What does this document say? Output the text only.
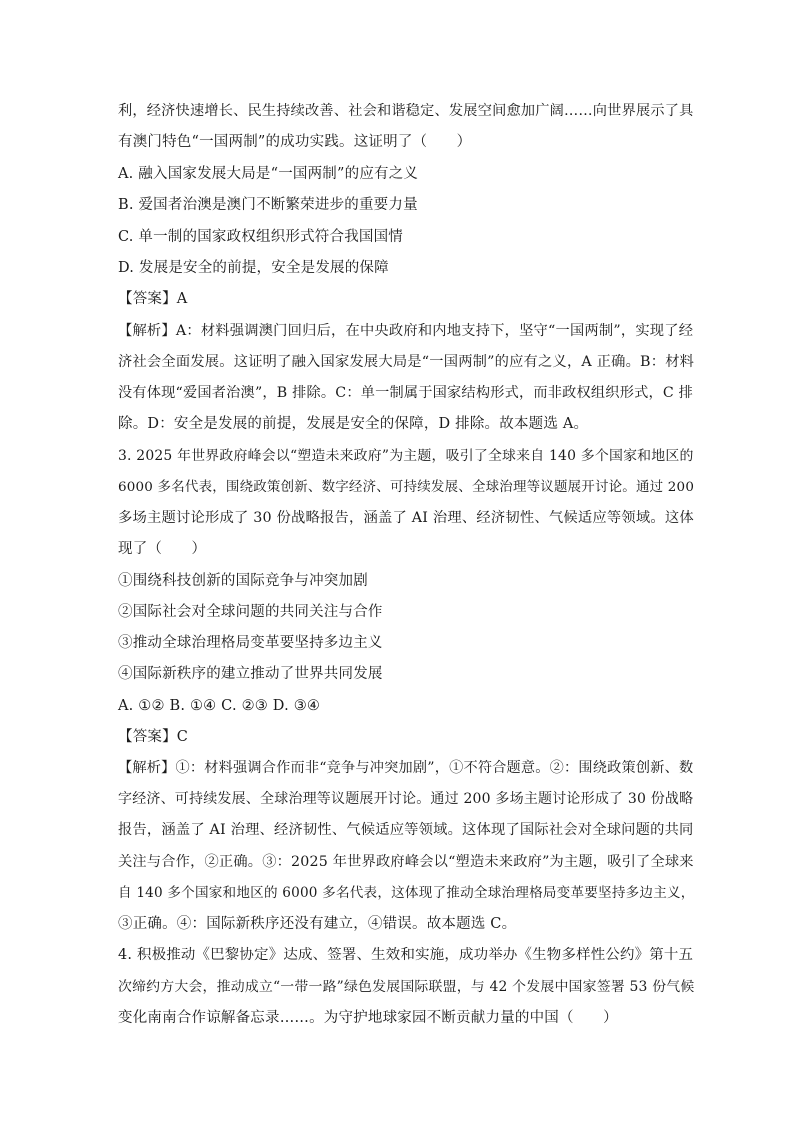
利，经济快速增长、民生持续改善、社会和谐稳定、发展空间愈加广阔……向世界展示了具
有澳门特色“一国两制”的成功实践。这证明了（　　）
A. 融入国家发展大局是“一国两制”的应有之义
B. 爱国者治澳是澳门不断繁荣进步的重要力量
C. 单一制的国家政权组织形式符合我国国情
D. 发展是安全的前提，安全是发展的保障
【答案】A
【解析】A：材料强调澳门回归后，在中央政府和内地支持下，坚守“一国两制”，实现了经
济社会全面发展。这证明了融入国家发展大局是“一国两制”的应有之义，A 正确。B：材料
没有体现“爱国者治澳”，B 排除。C：单一制属于国家结构形式，而非政权组织形式，C 排
除。D：安全是发展的前提，发展是安全的保障，D 排除。故本题选 A。
3. 2025 年世界政府峰会以“塑造未来政府”为主题，吸引了全球来自 140 多个国家和地区的
6000 多名代表，围绕政策创新、数字经济、可持续发展、全球治理等议题展开讨论。通过 200
多场主题讨论形成了 30 份战略报告，涵盖了 AI 治理、经济韧性、气候适应等领域。这体
现了（　　）
①围绕科技创新的国际竞争与冲突加剧
②国际社会对全球问题的共同关注与合作
③推动全球治理格局变革要坚持多边主义
④国际新秩序的建立推动了世界共同发展
A. ①② B. ①④ C. ②③ D. ③④
【答案】C
【解析】①：材料强调合作而非“竞争与冲突加剧”，①不符合题意。②：围绕政策创新、数
字经济、可持续发展、全球治理等议题展开讨论。通过 200 多场主题讨论形成了 30 份战略
报告，涵盖了 AI 治理、经济韧性、气候适应等领域。这体现了国际社会对全球问题的共同
关注与合作，②正确。③：2025 年世界政府峰会以“塑造未来政府”为主题，吸引了全球来
自 140 多个国家和地区的 6000 多名代表，这体现了推动全球治理格局变革要坚持多边主义，
③正确。④：国际新秩序还没有建立，④错误。故本题选 C。
4. 积极推动《巴黎协定》达成、签署、生效和实施，成功举办《生物多样性公约》第十五
次缔约方大会，推动成立“一带一路”绿色发展国际联盟，与 42 个发展中国家签署 53 份气候
变化南南合作谅解备忘录……。为守护地球家园不断贡献力量的中国（　　）
